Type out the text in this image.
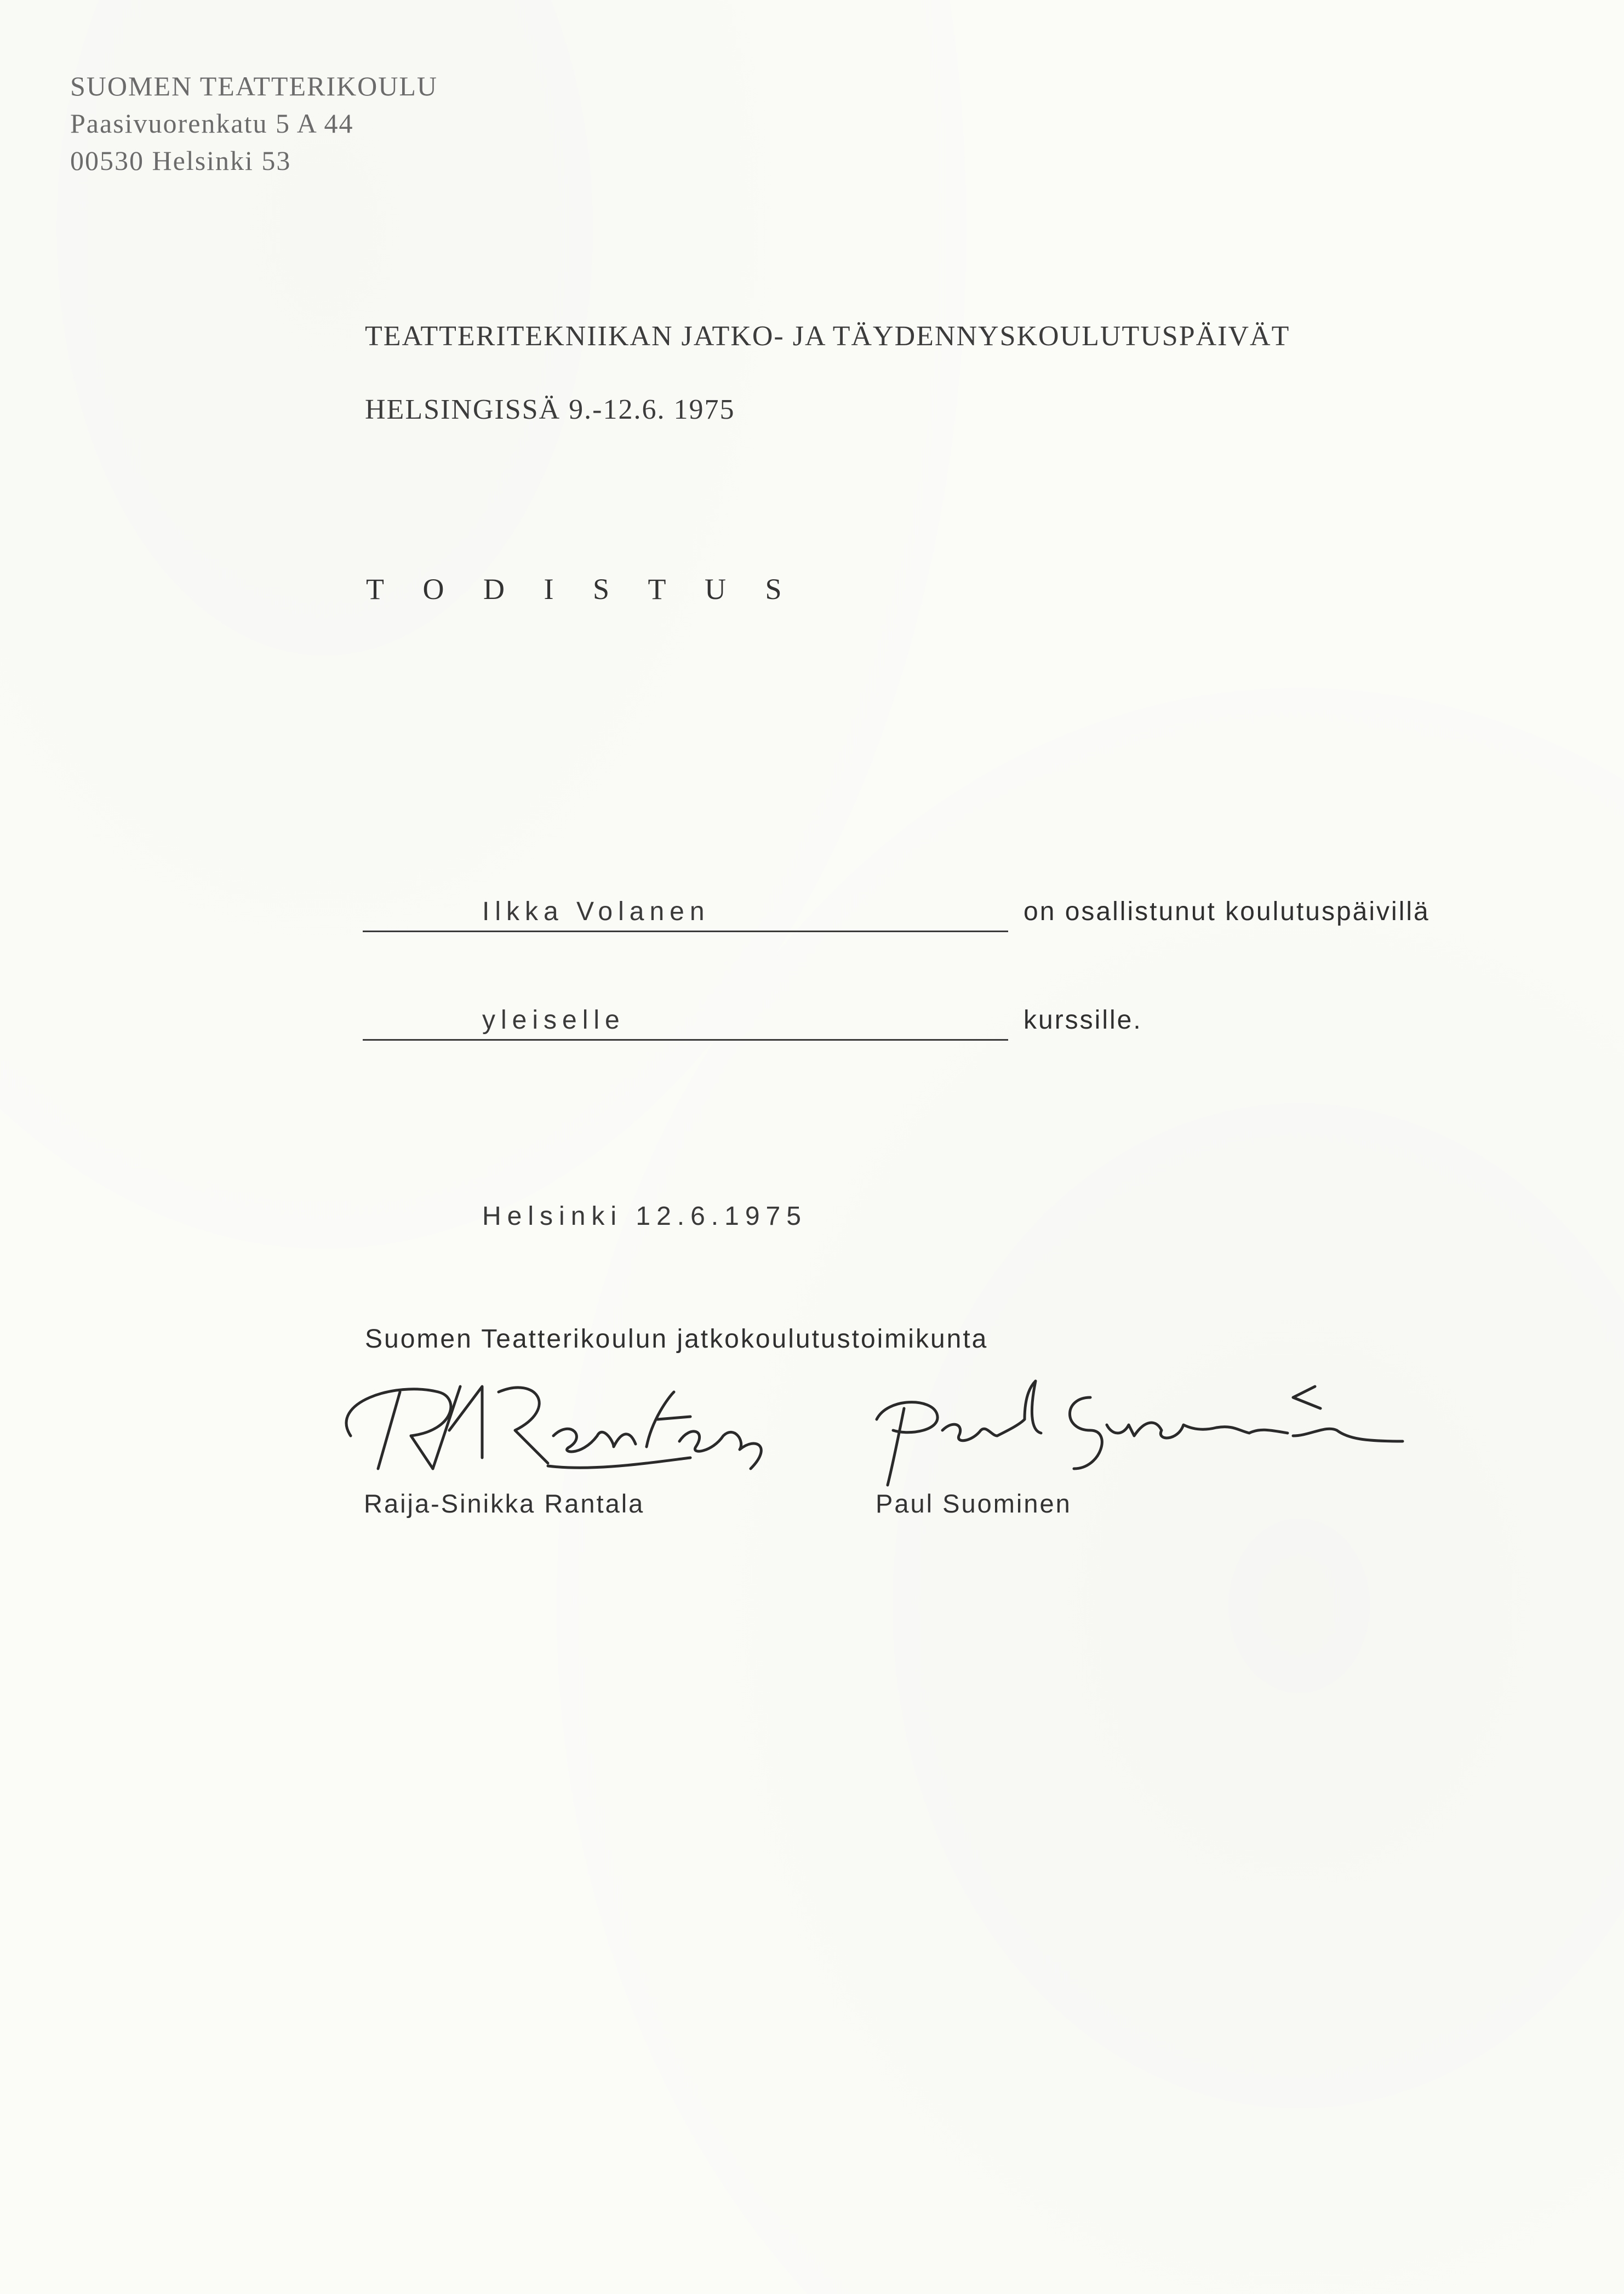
SUOMEN TEATTERIKOULU
Paasivuorenkatu 5 A 44
00530 Helsinki 53
TEATTERITEKNIIKAN JATKO- JA TÄYDENNYSKOULUTUSPÄIVÄT
HELSINGISSÄ 9.-12.6. 1975
T O D I S T U S
Ilkka Volanen	on osallistunut koulutuspäivillä
yleiselle	kurssille.
Helsinki 12.6.1975
Suomen Teatterikoulun jatkokoulutustoimikunta
Raija-Sinikka Rantala	Paul Suominen
